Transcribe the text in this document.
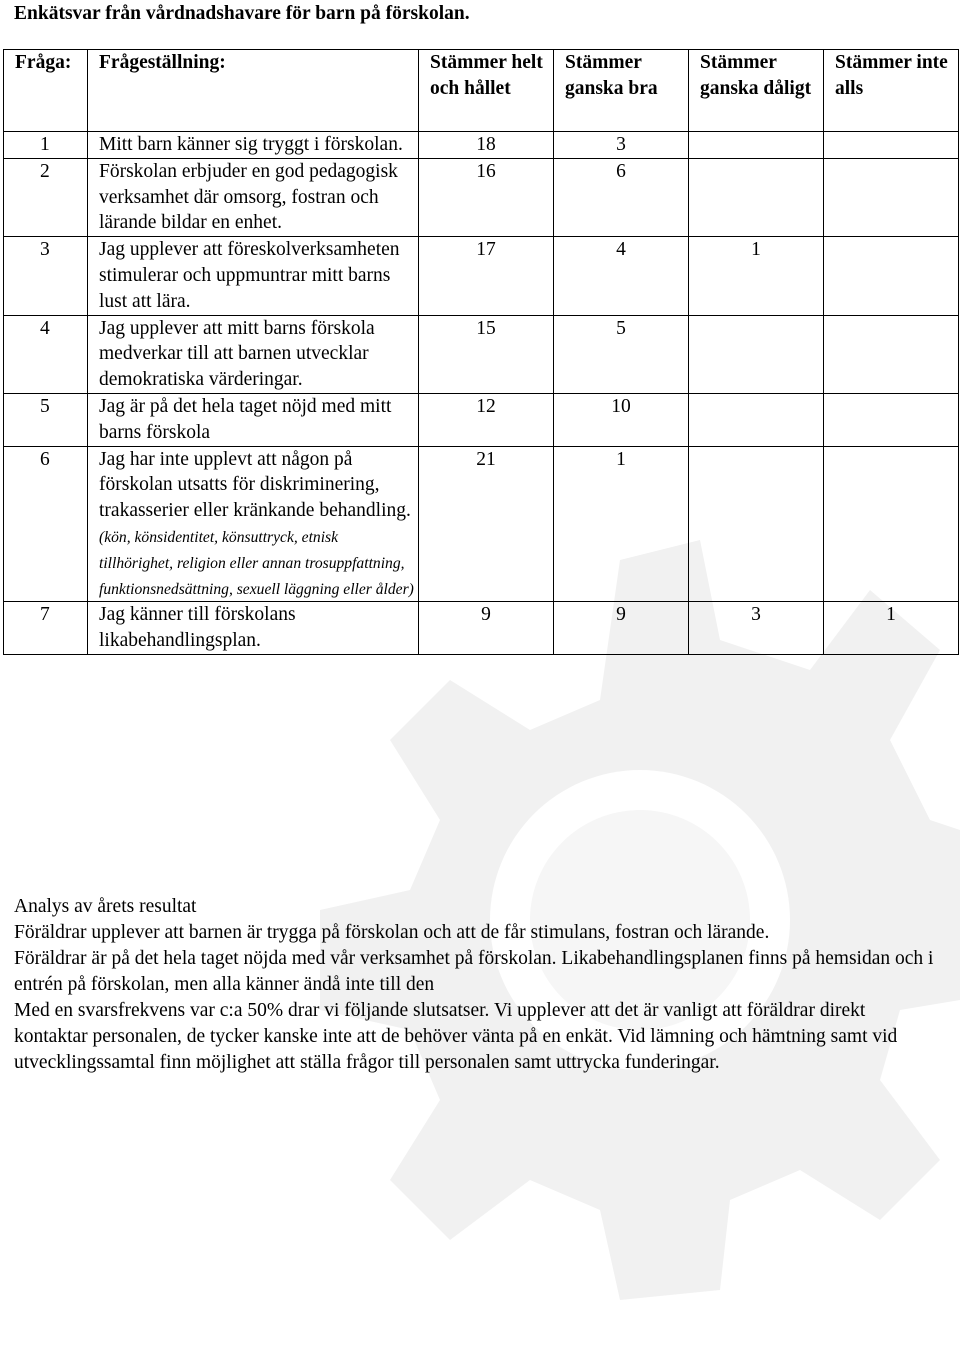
Enkätsvar från vårdnadshavare för barn på förskolan.
Fråga:	Frågeställning:	Stämmer helt och hållet	Stämmer ganska bra	Stämmer ganska dåligt	Stämmer inte alls
1	Mitt barn känner sig tryggt i förskolan.	18	3		
2	Förskolan erbjuder en god pedagogisk verksamhet där omsorg, fostran och lärande bildar en enhet.	16	6		
3	Jag upplever att föreskolverksamheten stimulerar och uppmuntrar mitt barns lust att lära.	17	4	1	
4	Jag upplever att mitt barns förskola medverkar till att barnen utvecklar demokratiska värderingar.	15	5		
5	Jag är på det hela taget nöjd med mitt barns förskola	12	10		
6	Jag har inte upplevt att någon på förskolan utsatts för diskriminering, trakasserier eller kränkande behandling. (kön, könsidentitet, könsuttryck, etnisk tillhörighet, religion eller annan trosuppfattning, funktionsnedsättning, sexuell läggning eller ålder)	21	1		
7	Jag känner till förskolans likabehandlingsplan.	9	9	3	1

Analys av årets resultat

Föräldrar upplever att barnen är trygga på förskolan och att de får stimulans, fostran och lärande.

Föräldrar är på det hela taget nöjda med vår verksamhet på förskolan. Likabehandlingsplanen finns på hemsidan och i entrén på förskolan, men alla känner ändå inte till den

Med en svarsfrekvens var c:a 50% drar vi följande slutsatser. Vi upplever att det är vanligt att föräldrar direkt kontaktar personalen, de tycker kanske inte att de behöver vänta på en enkät. Vid lämning och hämtning samt vid utvecklingssamtal finn möjlighet att ställa frågor till personalen samt uttrycka funderingar.
